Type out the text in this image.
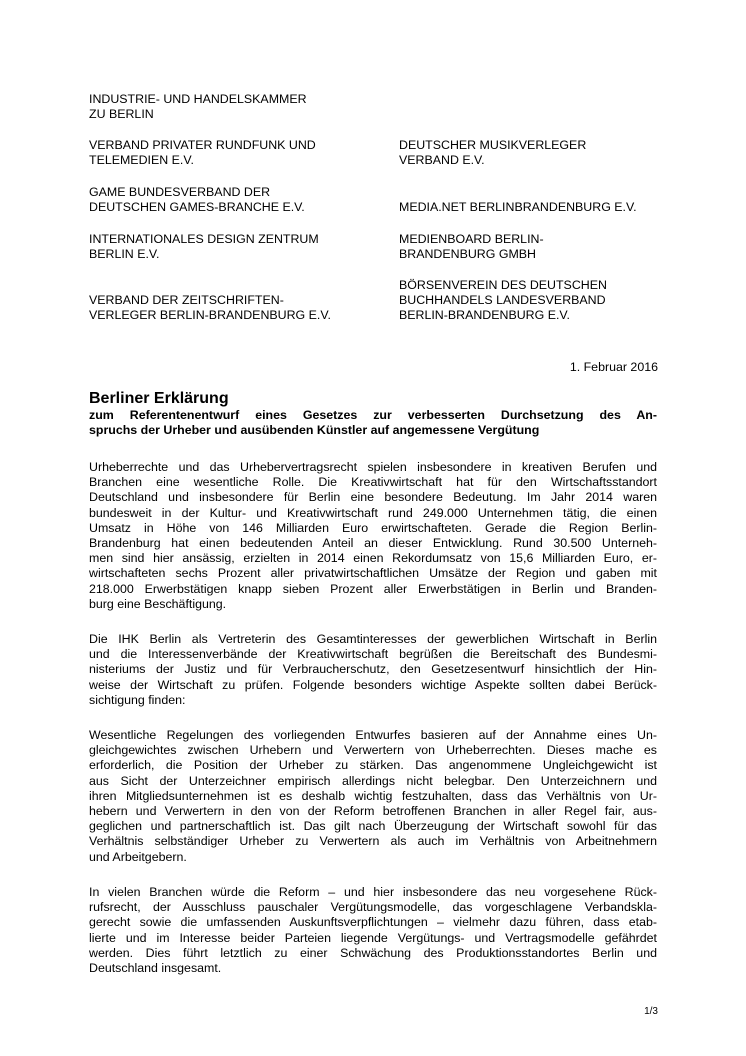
INDUSTRIE- UND HANDELSKAMMER
ZU BERLIN
VERBAND PRIVATER RUNDFUNK UND
TELEMEDIEN E.V.
DEUTSCHER MUSIKVERLEGER
VERBAND E.V.
GAME BUNDESVERBAND DER
DEUTSCHEN GAMES-BRANCHE E.V.	MEDIA.NET BERLINBRANDENBURG E.V.
INTERNATIONALES DESIGN ZENTRUM
BERLIN E.V.
MEDIENBOARD BERLIN-
BRANDENBURG GMBH
VERBAND DER ZEITSCHRIFTEN-
VERLEGER BERLIN-BRANDENBURG E.V.
BÖRSENVEREIN DES DEUTSCHEN
BUCHHANDELS LANDESVERBAND
BERLIN-BRANDENBURG E.V.
1. Februar 2016
Berliner Erklärung
zum Referentenentwurf eines Gesetzes zur verbesserten Durchsetzung des An-
spruchs der Urheber und ausübenden Künstler auf angemessene Vergütung
Urheberrechte und das Urhebervertragsrecht spielen insbesondere in kreativen Berufen und
Branchen eine wesentliche Rolle. Die Kreativwirtschaft hat für den Wirtschaftsstandort
Deutschland und insbesondere für Berlin eine besondere Bedeutung. Im Jahr 2014 waren
bundesweit in der Kultur- und Kreativwirtschaft rund 249.000 Unternehmen tätig, die einen
Umsatz in Höhe von 146 Milliarden Euro erwirtschafteten. Gerade die Region Berlin-
Brandenburg hat einen bedeutenden Anteil an dieser Entwicklung. Rund 30.500 Unterneh-
men sind hier ansässig, erzielten in 2014 einen Rekordumsatz von 15,6 Milliarden Euro, er-
wirtschafteten sechs Prozent aller privatwirtschaftlichen Umsätze der Region und gaben mit
218.000 Erwerbstätigen knapp sieben Prozent aller Erwerbstätigen in Berlin und Branden-
burg eine Beschäftigung.
Die IHK Berlin als Vertreterin des Gesamtinteresses der gewerblichen Wirtschaft in Berlin
und die Interessenverbände der Kreativwirtschaft begrüßen die Bereitschaft des Bundesmi-
nisteriums der Justiz und für Verbraucherschutz, den Gesetzesentwurf hinsichtlich der Hin-
weise der Wirtschaft zu prüfen. Folgende besonders wichtige Aspekte sollten dabei Berück-
sichtigung finden:
Wesentliche Regelungen des vorliegenden Entwurfes basieren auf der Annahme eines Un-
gleichgewichtes zwischen Urhebern und Verwertern von Urheberrechten. Dieses mache es
erforderlich, die Position der Urheber zu stärken. Das angenommene Ungleichgewicht ist
aus Sicht der Unterzeichner empirisch allerdings nicht belegbar. Den Unterzeichnern und
ihren Mitgliedsunternehmen ist es deshalb wichtig festzuhalten, dass das Verhältnis von Ur-
hebern und Verwertern in den von der Reform betroffenen Branchen in aller Regel fair, aus-
geglichen und partnerschaftlich ist. Das gilt nach Überzeugung der Wirtschaft sowohl für das
Verhältnis selbständiger Urheber zu Verwertern als auch im Verhältnis von Arbeitnehmern
und Arbeitgebern.
In vielen Branchen würde die Reform – und hier insbesondere das neu vorgesehene Rück-
rufsrecht, der Ausschluss pauschaler Vergütungsmodelle, das vorgeschlagene Verbandskla-
gerecht sowie die umfassenden Auskunftsverpflichtungen – vielmehr dazu führen, dass etab-
lierte und im Interesse beider Parteien liegende Vergütungs- und Vertragsmodelle gefährdet
werden. Dies führt letztlich zu einer Schwächung des Produktionsstandortes Berlin und
Deutschland insgesamt.
1/3
